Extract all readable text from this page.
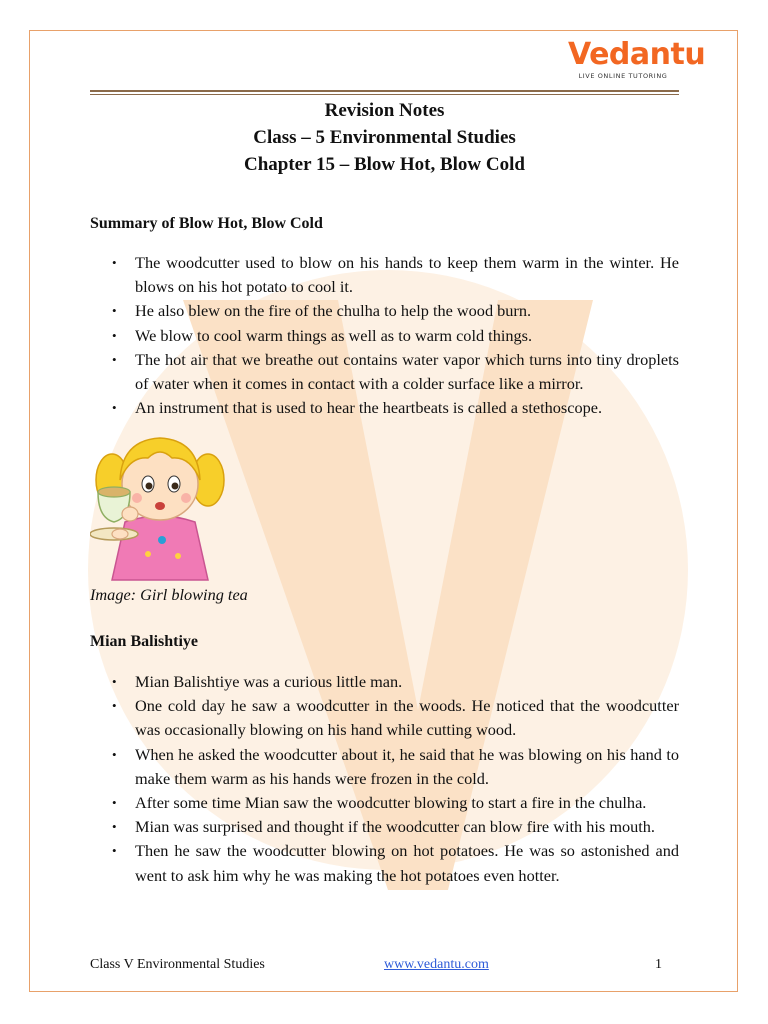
Vedantu
LIVE ONLINE TUTORING
Revision Notes
Class – 5 Environmental Studies
Chapter 15 – Blow Hot, Blow Cold
Summary of Blow Hot, Blow Cold
• The woodcutter used to blow on his hands to keep them warm in the winter. He blows on his hot potato to cool it.
• He also blew on the fire of the chulha to help the wood burn.
• We blow to cool warm things as well as to warm cold things.
• The hot air that we breathe out contains water vapor which turns into tiny droplets of water when it comes in contact with a colder surface like a mirror.
• An instrument that is used to hear the heartbeats is called a stethoscope.
Image: Girl blowing tea
Mian Balishtiye
• Mian Balishtiye was a curious little man.
• One cold day he saw a woodcutter in the woods. He noticed that the woodcutter was occasionally blowing on his hand while cutting wood.
• When he asked the woodcutter about it, he said that he was blowing on his hand to make them warm as his hands were frozen in the cold.
• After some time Mian saw the woodcutter blowing to start a fire in the chulha.
• Mian was surprised and thought if the woodcutter can blow fire with his mouth.
• Then he saw the woodcutter blowing on hot potatoes. He was so astonished and went to ask him why he was making the hot potatoes even hotter.
Class V Environmental Studies	www.vedantu.com	1
